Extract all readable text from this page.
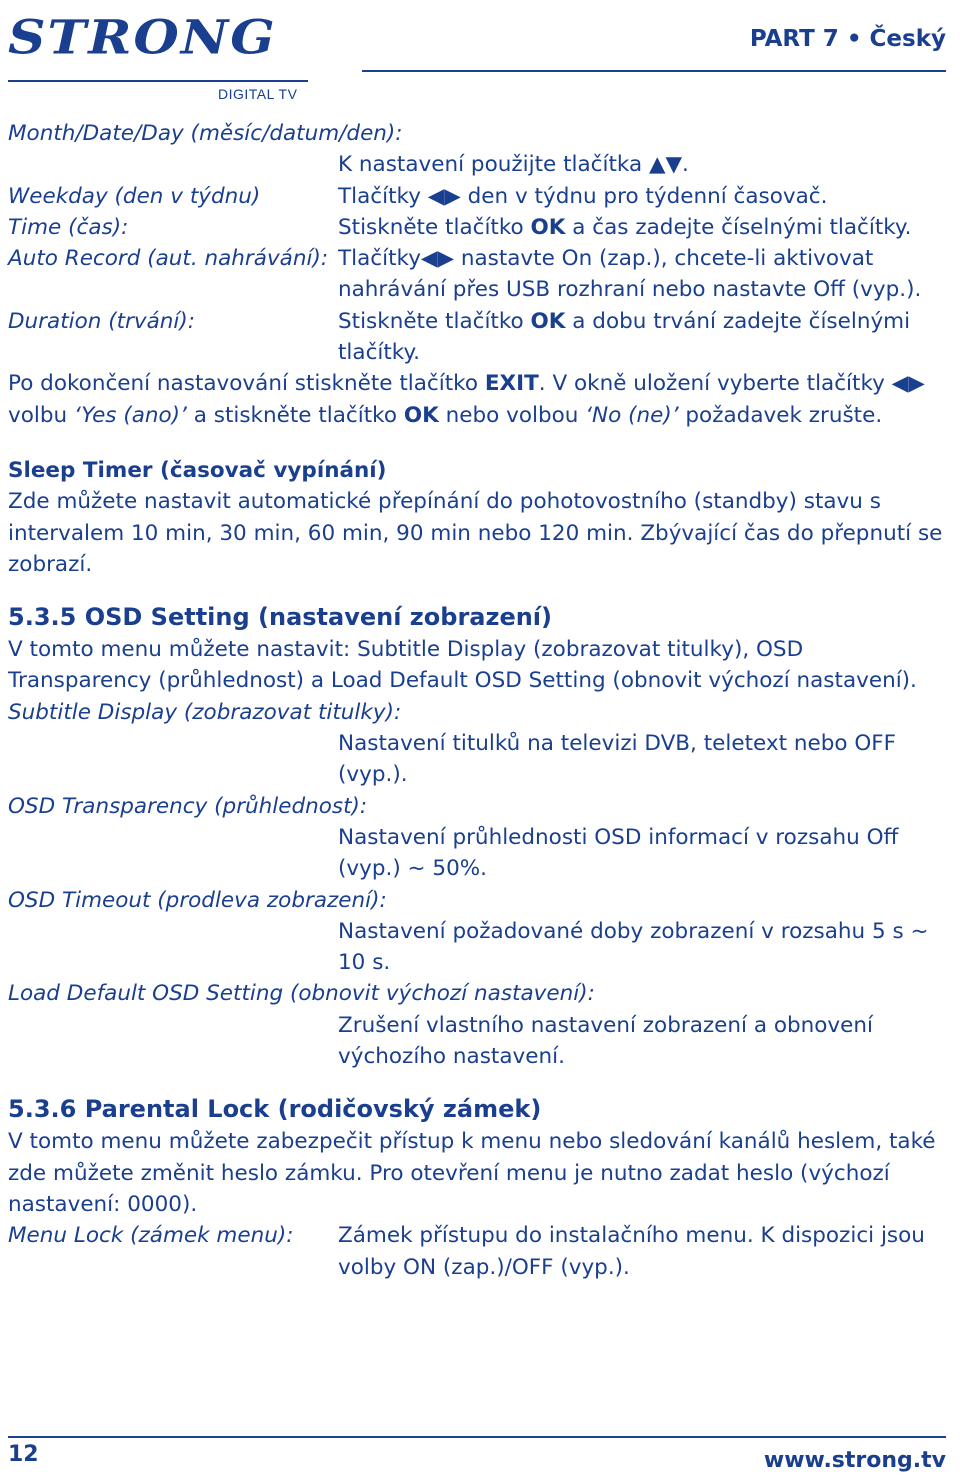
STRONG
DIGITAL TV
PART 7 • Český

Month/Date/Day (měsíc/datum/den):

K nastavení použijte tlačítka ▲▼.

Weekday (den v týdnu)	Tlačítky ◀▶ den v týdnu pro týdenní časovač.
Time (čas):	Stiskněte tlačítko OK a čas zadejte číselnými tlačítky.
Auto Record (aut. nahrávání): Tlačítky◀▶ nastavte On (zap.), chcete-li aktivovat nahrávání přes USB rozhraní nebo nastavte Off (vyp.).
Duration (trvání):	Stiskněte tlačítko OK a dobu trvání zadejte číselnými tlačítky.

Po dokončení nastavování stiskněte tlačítko EXIT. V okně uložení vyberte tlačítky ◀▶ volbu ‘Yes (ano)’ a stiskněte tlačítko OK nebo volbou ‘No (ne)’ požadavek zrušte.

Sleep Timer (časovač vypínání)

Zde můžete nastavit automatické přepínání do pohotovostního (standby) stavu s intervalem 10 min, 30 min, 60 min, 90 min nebo 120 min. Zbývající čas do přepnutí se zobrazí.

5.3.5 OSD Setting (nastavení zobrazení)

V tomto menu můžete nastavit: Subtitle Display (zobrazovat titulky), OSD Transparency (průhlednost) a Load Default OSD Setting (obnovit výchozí nastavení).

Subtitle Display (zobrazovat titulky):

Nastavení titulků na televizi DVB, teletext nebo OFF (vyp.).

OSD Transparency (průhlednost):

Nastavení průhlednosti OSD informací v rozsahu Off (vyp.) ~ 50%.

OSD Timeout (prodleva zobrazení):

Nastavení požadované doby zobrazení v rozsahu 5 s ~ 10 s.

Load Default OSD Setting (obnovit výchozí nastavení):

Zrušení vlastního nastavení zobrazení a obnovení výchozího nastavení.

5.3.6 Parental Lock (rodičovský zámek)

V tomto menu můžete zabezpečit přístup k menu nebo sledování kanálů heslem, také zde můžete změnit heslo zámku. Pro otevření menu je nutno zadat heslo (výchozí nastavení: 0000).

Menu Lock (zámek menu):	Zámek přístupu do instalačního menu. K dispozici jsou volby ON (zap.)/OFF (vyp.).
12	www.strong.tv
